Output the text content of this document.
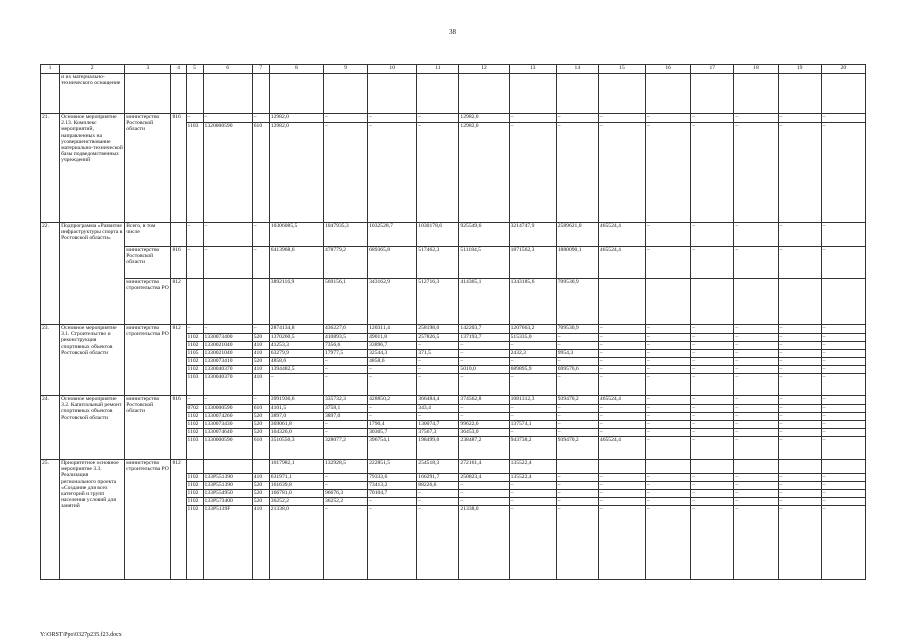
38
1	2	3	4	5	6	7	8	9	10	11	12	13	14	15	16	17	18	19	20
	и их материально-технического оснащение																		
21.	Основное мероприятие 2.13. Комплекс мероприятий, направленных на усовершенствование материально-технической базы подведомственных учреждений	министерство Ростовской области	816	–	–	–	12982,0	–	–	–	12982,0	–	–	–	–	–	–	–	–
				1103	1320000590	610	12982,0	–	–	–	12982,0	–	–	–	–	–	–	–	–
22.	Подпрограмма «Развитие инфраструктуры спорта в Ростовской области»	Всего, в том числе		–	–	–	10306085,5	1047935,3	1032528,7	1030178,6	925549,6	3214747,9	2589621,0	465524,4	–	–	–	–	–
		министерство Ростовской области	816	–	–	–	6413968,6	478779,2	689365,8	517462,3	511184,5	1871562,3	1880090,1	465524,4	–	–	–	–	–
		министерство строительства РО	812				3892116,9	569156,1	343162,9	512716,3	414365,1	1343185,6	709530,9						
23.	Основное мероприятие 3.1. Строительство и реконструкция спортивных объектов Ростовской области	министерство строительства РО	812	–	–	–	2874134,8	436227,6	120311,4	258198,0	142203,7	1207663,2	709530,9	–	–	–	–	–	–
				1102	1330073400	520	1370260,5	410893,5	49011,8	257826,5	137193,7	515335,0	–	–	–	–	–	–	–
				1102	1330021040	410	41253,3	7356,6	33896,7	–	–	–	–	–	–	–	–	–	–
				1105	1330021040	410	63279,9	17977,5	32544,3	371,5	–	2432,3	9954,3	–	–	–	–	–	–
				1102	1330073410	520	4858,6	–	4858,6	–	–	–	–	–	–	–	–	–	–
				1102	1330040370	410	1394482,5	–	–	–	5010,0	689895,9	699576,6	–	–	–	–	–	–
				1103	1330040370	410	–	–	–	–	–	–	–	–	–	–	–	–	–
24.	Основное мероприятие 3.2. Капитальный ремонт спортивных объектов Ростовской области	министерство Ростовской области	816	–	–	–	3991936,6	335732,3	428850,2	366484,4	374562,8	1081312,3	939470,2	465524,4	–	–	–	–	–
				0702	1330000590	610	4101,5	3758,1	–	343,4	–	–	–	–	–	–	–	–	–
				1102	1330074260	520	3897,0	3897,0	–	–	–	–	–	–	–	–	–	–	–
				1102	1330073430	520	369061,8	–	1790,4	130074,7	99622,6	137574,1	–	–	–	–	–	–	–
				1102	1330074640	520	104326,0	–	30305,7	37567,3	36453,0	–	–	–	–	–	–	–	–
				1103	1330000590	610	3510550,3	328077,2	396754,1	198499,0	238487,2	943738,2	939470,2	465524,4	–	–	–	–	–
25.	Приоритетное основное мероприятие 3.3. Реализация регионального проекта «Создание для всех категорий и групп населения условий для занятий	министерство строительства РО	812				1017982,1	132928,5	222851,5	254518,3	272161,4	135522,4							
				1102	133P551390	410	631971,1	–	79333,6	166291,7	250823,4	135522,4	–	–	–	–	–	–	–
				1102	133P551390	520	161639,8	–	73413,2	88226,6	–	–	–	–	–	–	–	–	–
				1102	133P554950	520	166781,0	96676,3	70104,7	–	–	–	–	–	–	–	–	–	–
				1102	133P573400	520	36252,2	36252,2	–	–	–	–	–	–	–	–	–	–	–
				1102	133P5139F	410	21338,0	–	–	–	21338,0	–	–	–	–	–	–	–	–
Y:\ORST\Ppo\0327p235.f23.docx
